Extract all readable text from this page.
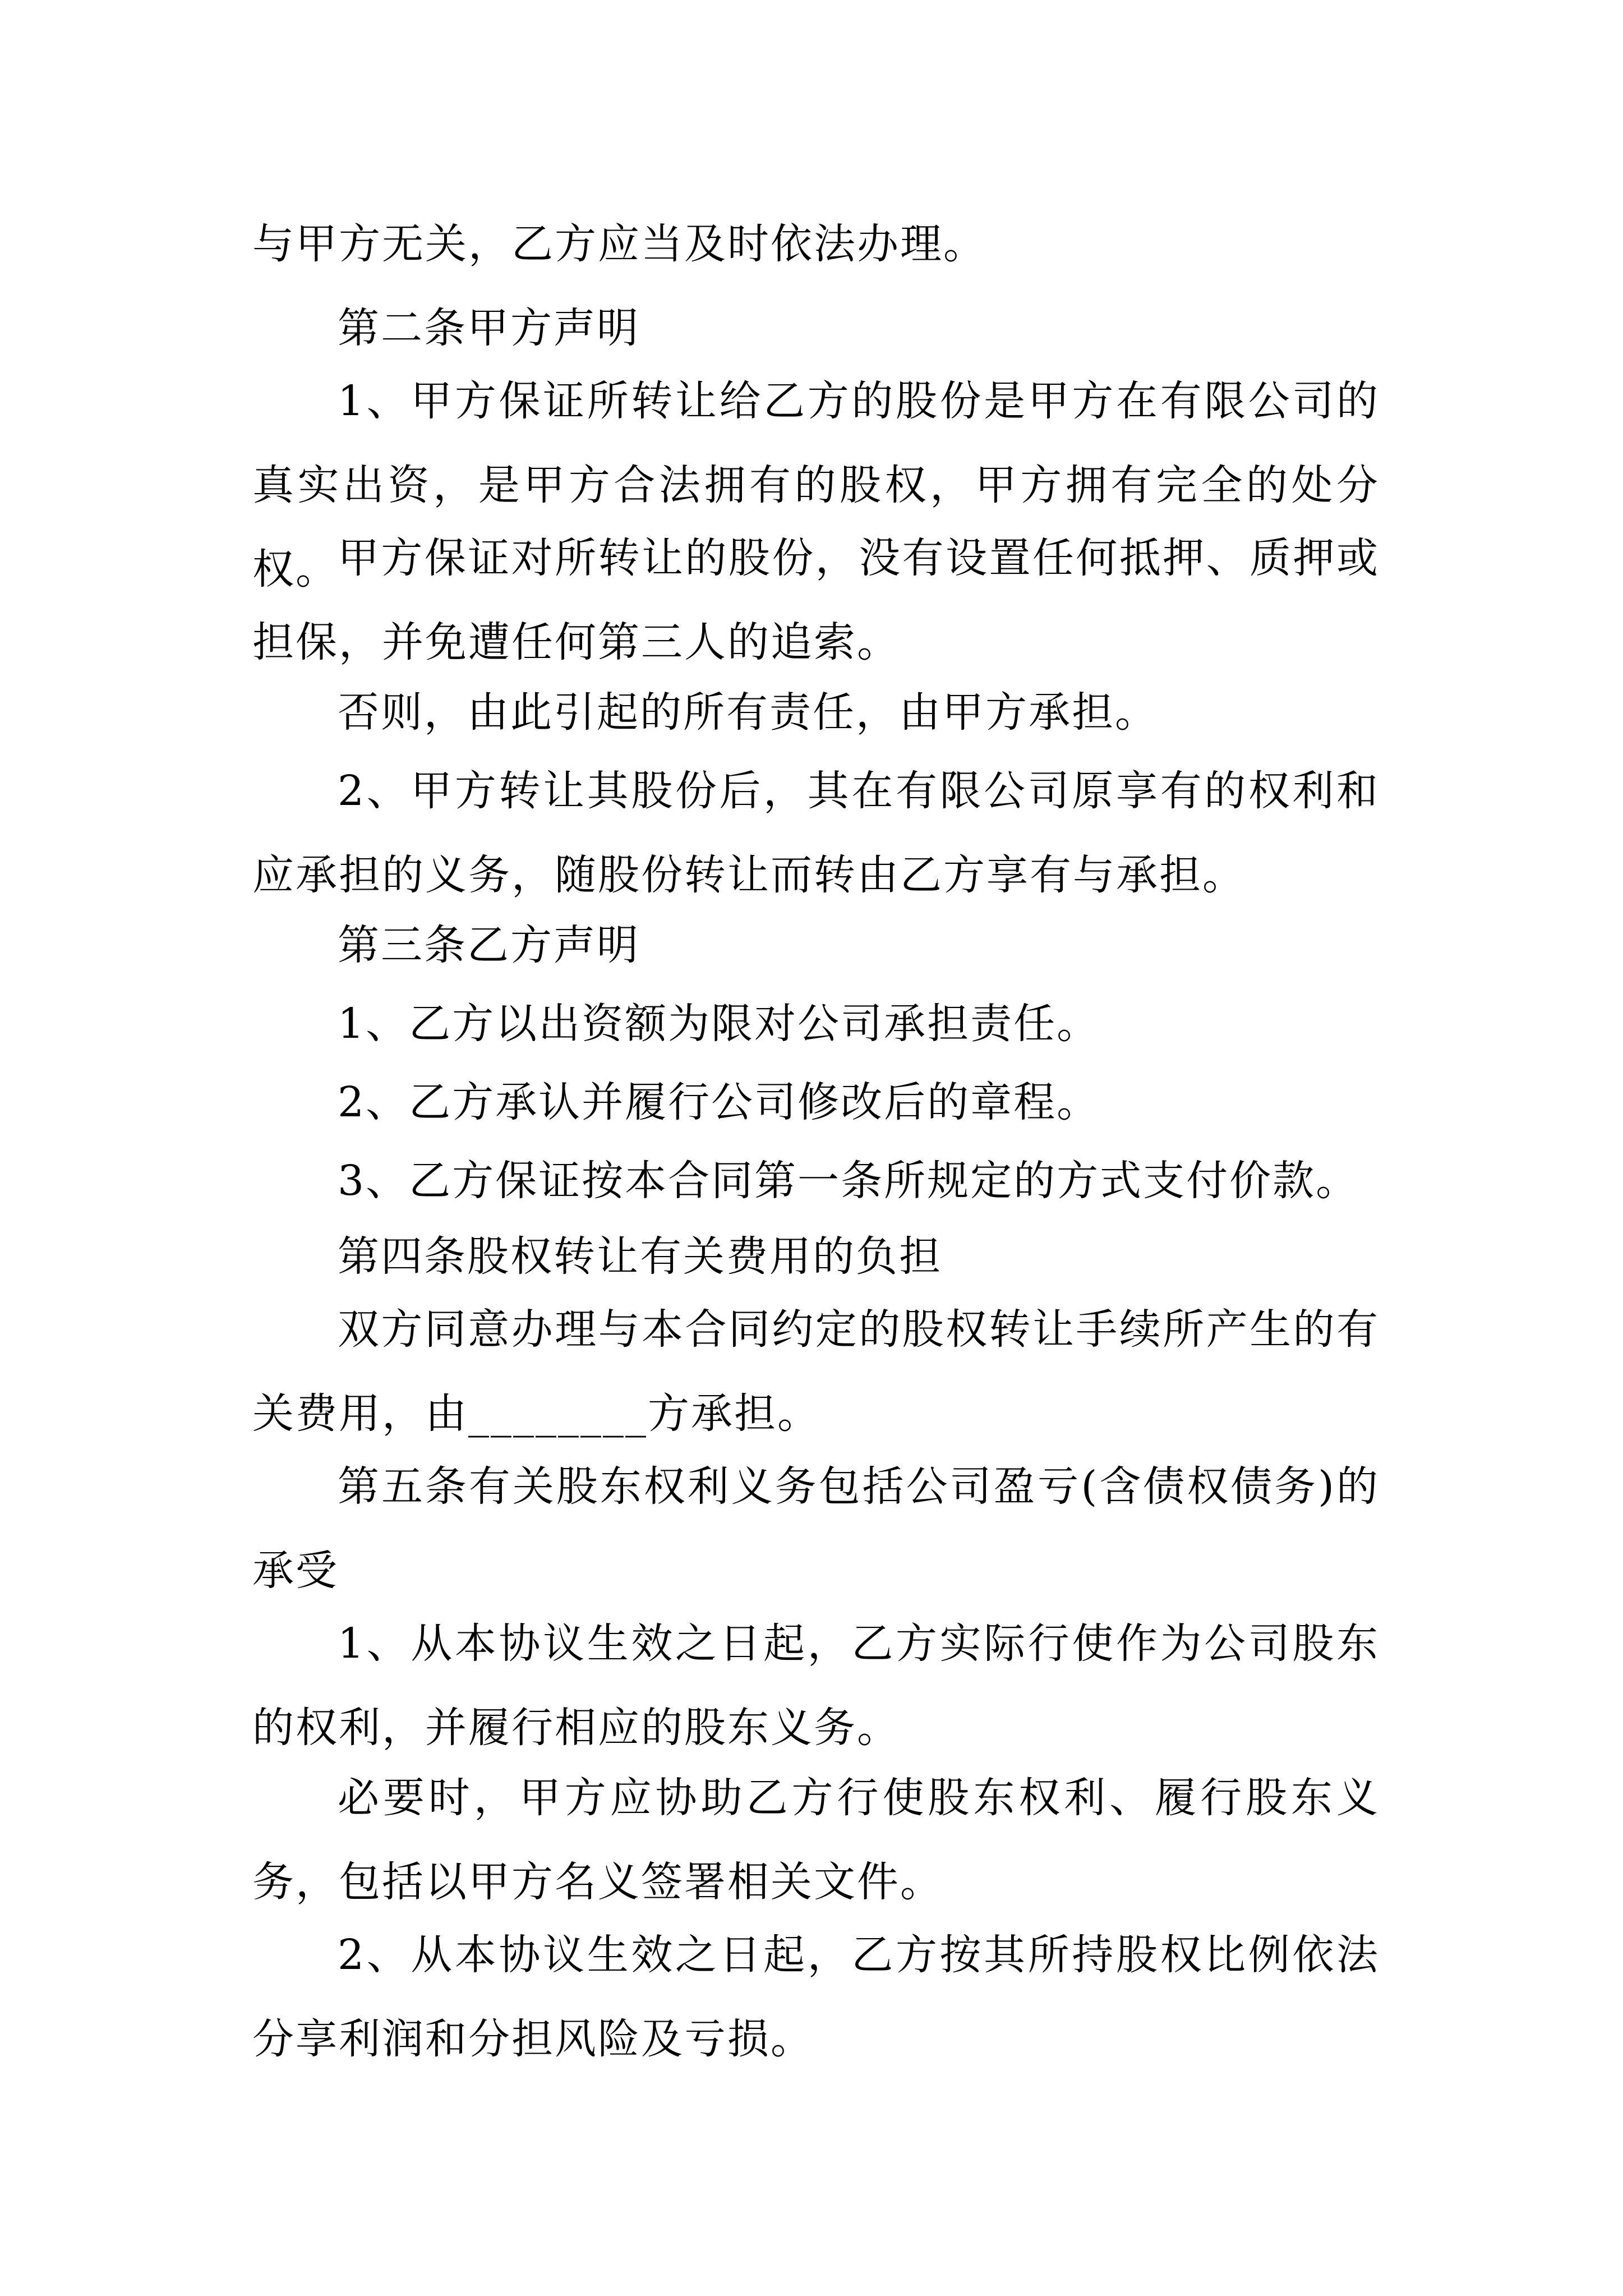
与甲方无关，乙方应当及时依法办理。

第二条甲方声明

1、甲方保证所转让给乙方的股份是甲方在有限公司的真实出资，是甲方合法拥有的股权，甲方拥有完全的处分权。

甲方保证对所转让的股份，没有设置任何抵押、质押或担保，并免遭任何第三人的追索。

否则，由此引起的所有责任，由甲方承担。

2、甲方转让其股份后，其在有限公司原享有的权利和应承担的义务，随股份转让而转由乙方享有与承担。

第三条乙方声明

1、乙方以出资额为限对公司承担责任。

2、乙方承认并履行公司修改后的章程。

3、乙方保证按本合同第一条所规定的方式支付价款。

第四条股权转让有关费用的负担

双方同意办理与本合同约定的股权转让手续所产生的有关费用，由________方承担。

第五条有关股东权利义务包括公司盈亏(含债权债务)的承受

1、从本协议生效之日起，乙方实际行使作为公司股东的权利，并履行相应的股东义务。

必要时，甲方应协助乙方行使股东权利、履行股东义务，包括以甲方名义签署相关文件。

2、从本协议生效之日起，乙方按其所持股权比例依法分享利润和分担风险及亏损。
